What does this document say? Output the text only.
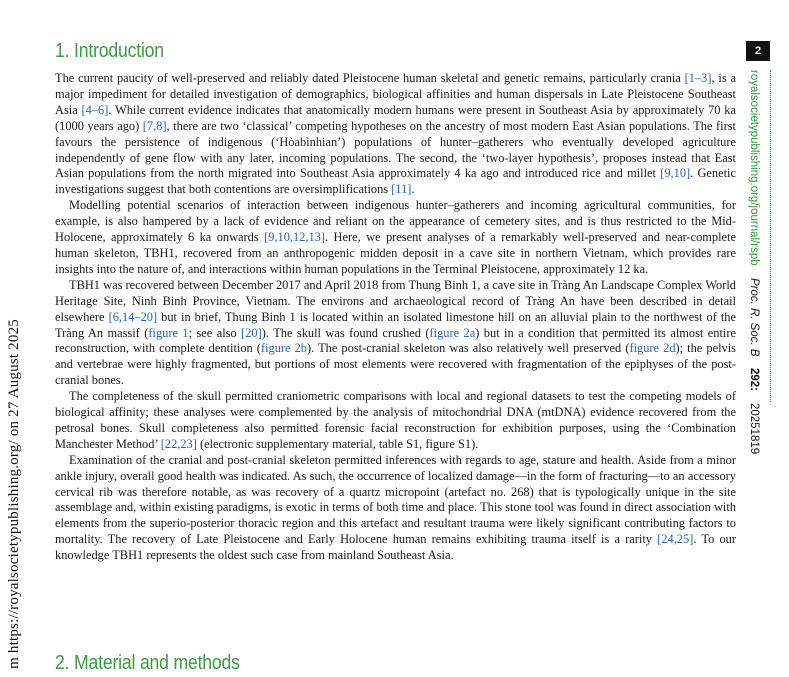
m https://royalsocietypublishing.org/ on 27 August 2025
2
royalsocietypublishing.org/journal/rspb
Proc. R. Soc. B
292:
20251819
1. Introduction

The current paucity of well-preserved and reliably dated Pleistocene human skeletal and genetic remains, particularly crania [1–3], is a major impediment for detailed investigation of demographics, biological affinities and human dispersals in Late Pleistocene Southeast Asia [4–6]. While current evidence indicates that anatomically modern humans were present in Southeast Asia by approximately 70 ka (1000 years ago) [7,8], there are two ‘classical’ competing hypotheses on the ancestry of most modern East Asian populations. The first favours the persistence of indigenous (‘Hòabìnhian’) populations of hunter–gatherers who eventually developed agriculture independently of gene flow with any later, incoming populations. The second, the ‘two-layer hypothesis’, proposes instead that East Asian populations from the north migrated into Southeast Asia approximately 4 ka ago and introduced rice and millet [9,10]. Genetic investigations suggest that both contentions are oversimplifications [11].

Modelling potential scenarios of interaction between indigenous hunter–gatherers and incoming agricultural communities, for example, is also hampered by a lack of evidence and reliant on the appearance of cemetery sites, and is thus restricted to the Mid-Holocene, approximately 6 ka onwards [9,10,12,13]. Here, we present analyses of a remarkably well-preserved and near-complete human skeleton, TBH1, recovered from an anthropogenic midden deposit in a cave site in northern Vietnam, which provides rare insights into the nature of, and interactions within human populations in the Terminal Pleistocene, approximately 12 ka.

TBH1 was recovered between December 2017 and April 2018 from Thung Binh 1, a cave site in Tràng An Landscape Complex World Heritage Site, Ninh Binh Province, Vietnam. The environs and archaeological record of Tràng An have been described in detail elsewhere [6,14–20] but in brief, Thung Binh 1 is located within an isolated limestone hill on an alluvial plain to the northwest of the Tràng An massif (figure 1; see also [20]). The skull was found crushed (figure 2a) but in a condition that permitted its almost entire reconstruction, with complete dentition (figure 2b). The post-cranial skeleton was also relatively well preserved (figure 2d); the pelvis and vertebrae were highly fragmented, but portions of most elements were recovered with fragmentation of the epiphyses of the post-cranial bones.

The completeness of the skull permitted craniometric comparisons with local and regional datasets to test the competing models of biological affinity; these analyses were complemented by the analysis of mitochondrial DNA (mtDNA) evidence recovered from the petrosal bones. Skull completeness also permitted forensic facial reconstruction for exhibition purposes, using the ‘Combination Manchester Method’ [22,23] (electronic supplementary material, table S1, figure S1).

Examination of the cranial and post-cranial skeleton permitted inferences with regards to age, stature and health. Aside from a minor ankle injury, overall good health was indicated. As such, the occurrence of localized damage—in the form of fracturing—to an accessory cervical rib was therefore notable, as was recovery of a quartz micropoint (artefact no. 268) that is typologically unique in the site assemblage and, within existing paradigms, is exotic in terms of both time and place. This stone tool was found in direct association with elements from the superio-posterior thoracic region and this artefact and resultant trauma were likely significant contributing factors to mortality. The recovery of Late Pleistocene and Early Holocene human remains exhibiting trauma itself is a rarity [24,25]. To our knowledge TBH1 represents the oldest such case from mainland Southeast Asia.

2. Material and methods
